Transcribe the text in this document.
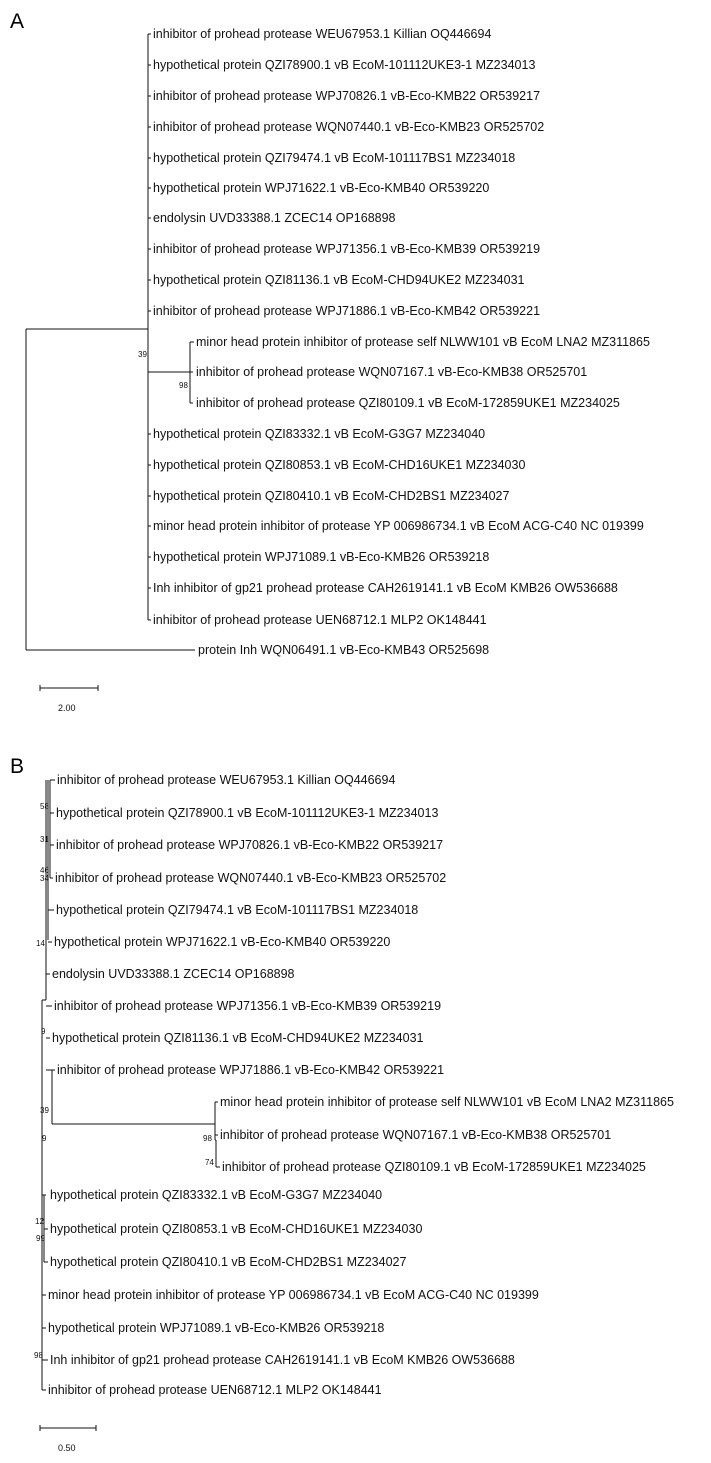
A
39
98
inhibitor of prohead protease WEU67953.1 Killian OQ446694
hypothetical protein QZI78900.1 vB EcoM-101112UKE3-1 MZ234013
inhibitor of prohead protease WPJ70826.1 vB-Eco-KMB22 OR539217
inhibitor of prohead protease WQN07440.1 vB-Eco-KMB23 OR525702
hypothetical protein QZI79474.1 vB EcoM-101117BS1 MZ234018
hypothetical protein WPJ71622.1 vB-Eco-KMB40 OR539220
endolysin UVD33388.1 ZCEC14 OP168898
inhibitor of prohead protease WPJ71356.1 vB-Eco-KMB39 OR539219
hypothetical protein QZI81136.1 vB EcoM-CHD94UKE2 MZ234031
inhibitor of prohead protease WPJ71886.1 vB-Eco-KMB42 OR539221
minor head protein inhibitor of protease self NLWW101 vB EcoM LNA2 MZ311865
inhibitor of prohead protease WQN07167.1 vB-Eco-KMB38 OR525701
inhibitor of prohead protease QZI80109.1 vB EcoM-172859UKE1 MZ234025
hypothetical protein QZI83332.1 vB EcoM-G3G7 MZ234040
hypothetical protein QZI80853.1 vB EcoM-CHD16UKE1 MZ234030
hypothetical protein QZI80410.1 vB EcoM-CHD2BS1 MZ234027
minor head protein inhibitor of protease YP 006986734.1 vB EcoM ACG-C40 NC 019399
hypothetical protein WPJ71089.1 vB-Eco-KMB26 OR539218
Inh inhibitor of gp21 prohead protease CAH2619141.1 vB EcoM KMB26 OW536688
inhibitor of prohead protease UEN68712.1 MLP2 OK148441
protein Inh WQN06491.1 vB-Eco-KMB43 OR525698
2.00
B
58
31
46
34
14
9
39
9	98
74
12
99
98
inhibitor of prohead protease WEU67953.1 Killian OQ446694
hypothetical protein QZI78900.1 vB EcoM-101112UKE3-1 MZ234013
inhibitor of prohead protease WPJ70826.1 vB-Eco-KMB22 OR539217
inhibitor of prohead protease WQN07440.1 vB-Eco-KMB23 OR525702
hypothetical protein QZI79474.1 vB EcoM-101117BS1 MZ234018
hypothetical protein WPJ71622.1 vB-Eco-KMB40 OR539220
endolysin UVD33388.1 ZCEC14 OP168898
inhibitor of prohead protease WPJ71356.1 vB-Eco-KMB39 OR539219
hypothetical protein QZI81136.1 vB EcoM-CHD94UKE2 MZ234031
inhibitor of prohead protease WPJ71886.1 vB-Eco-KMB42 OR539221
minor head protein inhibitor of protease self NLWW101 vB EcoM LNA2 MZ311865
inhibitor of prohead protease WQN07167.1 vB-Eco-KMB38 OR525701
inhibitor of prohead protease QZI80109.1 vB EcoM-172859UKE1 MZ234025
hypothetical protein QZI83332.1 vB EcoM-G3G7 MZ234040
hypothetical protein QZI80853.1 vB EcoM-CHD16UKE1 MZ234030
hypothetical protein QZI80410.1 vB EcoM-CHD2BS1 MZ234027
minor head protein inhibitor of protease YP 006986734.1 vB EcoM ACG-C40 NC 019399
hypothetical protein WPJ71089.1 vB-Eco-KMB26 OR539218
Inh inhibitor of gp21 prohead protease CAH2619141.1 vB EcoM KMB26 OW536688
inhibitor of prohead protease UEN68712.1 MLP2 OK148441
0.50
